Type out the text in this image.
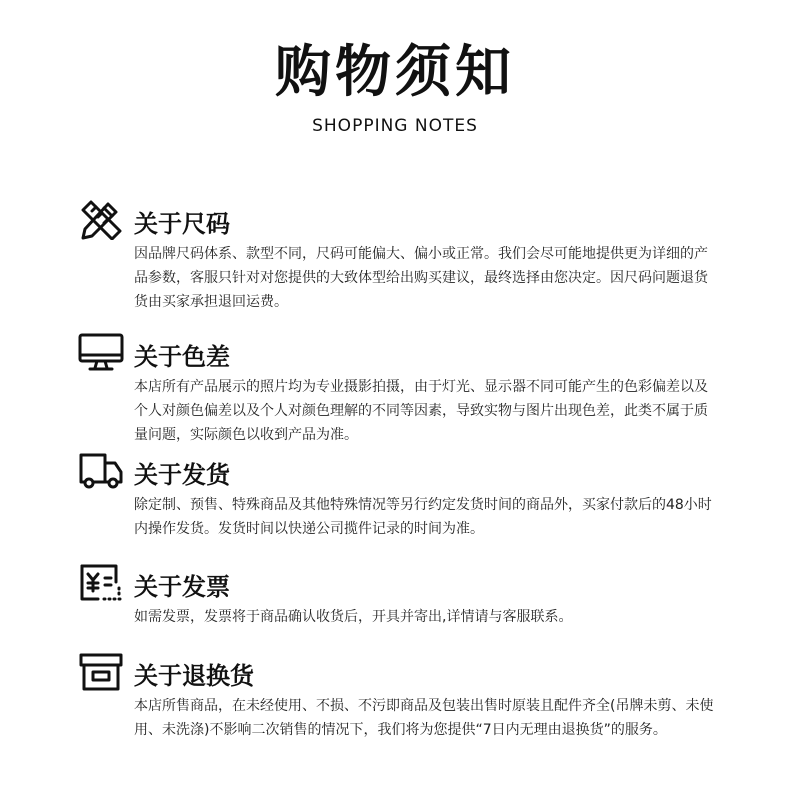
购物须知
SHOPPING NOTES
关于尺码
因品牌尺码体系、款型不同，尺码可能偏大、偏小或正常。我们会尽可能地提供更为详细的产品参数，客服只针对对您提供的大致体型给出购买建议，最终选择由您决定。因尺码问题退货货由买家承担退回运费。
关于色差
本店所有产品展示的照片均为专业摄影拍摄，由于灯光、显示器不同可能产生的色彩偏差以及个人对颜色偏差以及个人对颜色理解的不同等因素，导致实物与图片出现色差，此类不属于质量问题，实际颜色以收到产品为准。
关于发货
除定制、预售、特殊商品及其他特殊情况等另行约定发货时间的商品外，买家付款后的48小时内操作发货。发货时间以快递公司揽件记录的时间为准。
关于发票
如需发票，发票将于商品确认收货后，开具并寄出,详情请与客服联系。
关于退换货
本店所售商品，在未经使用、不损、不污即商品及包装出售时原装且配件齐全(吊牌未剪、未使用、未洗涤)不影响二次销售的情况下，我们将为您提供“7日内无理由退换货”的服务。
